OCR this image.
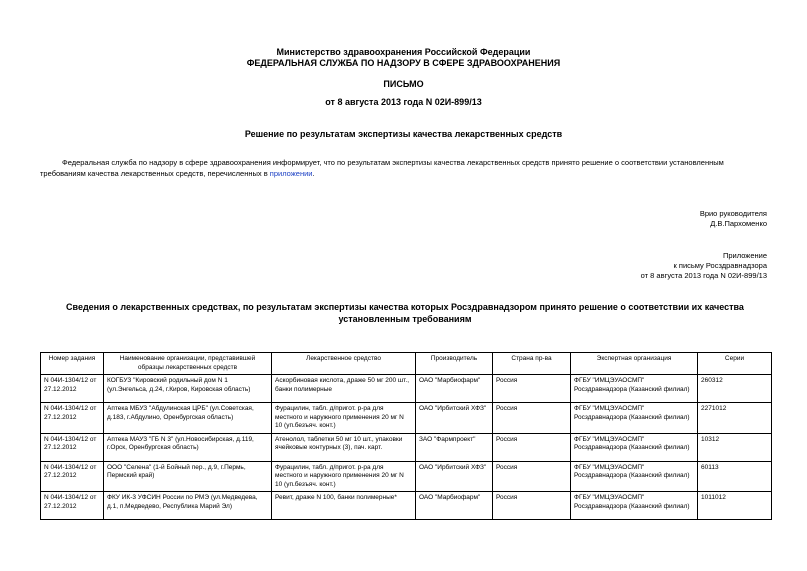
Министерство здравоохранения Российской Федерации
ФЕДЕРАЛЬНАЯ СЛУЖБА ПО НАДЗОРУ В СФЕРЕ ЗДРАВООХРАНЕНИЯ
ПИСЬМО
от 8 августа 2013 года N 02И-899/13
Решение по результатам экспертизы качества лекарственных средств
Федеральная служба по надзору в сфере здравоохранения информирует, что по результатам экспертизы качества лекарственных средств принято решение о соответствии установленным требованиям качества лекарственных средств, перечисленных в приложении.
Врио руководителя
Д.В.Пархоменко
Приложение
к письму Росздравнадзора
от 8 августа 2013 года N 02И-899/13
Сведения о лекарственных средствах, по результатам экспертизы качества которых Росздравнадзором принято решение о соответствии их качества установленным требованиям
Номер задания	Наименование организации, представившей образцы лекарственных средств	Лекарственное средство	Производитель	Страна пр-ва	Экспертная организация	Серии
N 04И-1304/12 от 27.12.2012	КОГБУЗ "Кировский родильный дом N 1 (ул.Энгельса, д.24, г.Киров, Кировская область)	Аскорбиновая кислота, драже 50 мг 200 шт., банки полимерные	ОАО "Марбиофарм"	Россия	ФГБУ "ИМЦЭУАОСМП" Росздравнадзора (Казанский филиал)	260312
N 04И-1304/12 от 27.12.2012	Аптека МБУЗ "Абдулинская ЦРБ" (ул.Советская, д.183, г.Абдулино, Оренбургская область)	Фурацилин, табл. д/пригот. р-ра для местного и наружного применения 20 мг N 10 (уп.безъяч. конт.)	ОАО "Ирбитский ХФЗ"	Россия	ФГБУ "ИМЦЭУАОСМП" Росздравнадзора (Казанский филиал)	2271012
N 04И-1304/12 от 27.12.2012	Аптека МАУЗ "ГБ N 3" (ул.Новосибирская, д.119, г.Орск, Оренбургская область)	Атенолол, таблетки 50 мг 10 шт., упаковки ячейковые контурных (3), пач. карт.	ЗАО "Фармпроект"	Россия	ФГБУ "ИМЦЭУАОСМП" Росздравнадзора (Казанский филиал)	10312
N 04И-1304/12 от 27.12.2012	ООО "Селена" (1-й Бойный пер., д.9, г.Пермь, Пермский край)	Фурацилин, табл. д/пригот. р-ра для местного и наружного применения 20 мг N 10 (уп.безъяч. конт.)	ОАО "Ирбитский ХФЗ"	Россия	ФГБУ "ИМЦЭУАОСМП" Росздравнадзора (Казанский филиал)	60113
N 04И-1304/12 от 27.12.2012	ФКУ ИК-3 УФСИН России по РМЭ (ул.Медведева, д.1, п.Медведево, Республика Марий Эл)	Ревит, драже N 100, банки полимерные*	ОАО "Марбиофарм"	Россия	ФГБУ "ИМЦЭУАОСМП" Росздравнадзора (Казанский филиал)	1011012
